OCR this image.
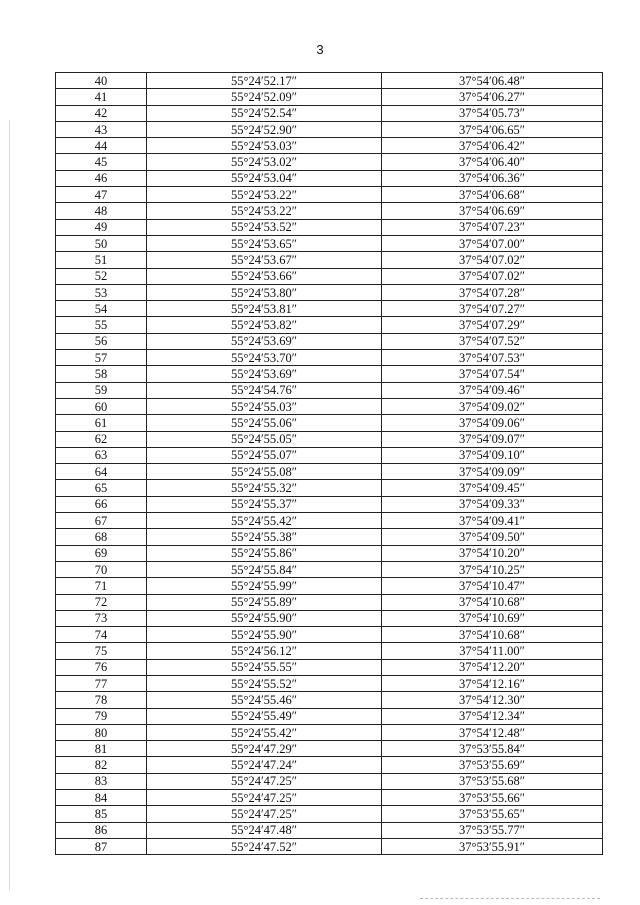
3
40	55°24′52.17″	37°54′06.48″
41	55°24′52.09″	37°54′06.27″
42	55°24′52.54″	37°54′05.73″
43	55°24′52.90″	37°54′06.65″
44	55°24′53.03″	37°54′06.42″
45	55°24′53.02″	37°54′06.40″
46	55°24′53.04″	37°54′06.36″
47	55°24′53.22″	37°54′06.68″
48	55°24′53.22″	37°54′06.69″
49	55°24′53.52″	37°54′07.23″
50	55°24′53.65″	37°54′07.00″
51	55°24′53.67″	37°54′07.02″
52	55°24′53.66″	37°54′07.02″
53	55°24′53.80″	37°54′07.28″
54	55°24′53.81″	37°54′07.27″
55	55°24′53.82″	37°54′07.29″
56	55°24′53.69″	37°54′07.52″
57	55°24′53.70″	37°54′07.53″
58	55°24′53.69″	37°54′07.54″
59	55°24′54.76″	37°54′09.46″
60	55°24′55.03″	37°54′09.02″
61	55°24′55.06″	37°54′09.06″
62	55°24′55.05″	37°54′09.07″
63	55°24′55.07″	37°54′09.10″
64	55°24′55.08″	37°54′09.09″
65	55°24′55.32″	37°54′09.45″
66	55°24′55.37″	37°54′09.33″
67	55°24′55.42″	37°54′09.41″
68	55°24′55.38″	37°54′09.50″
69	55°24′55.86″	37°54′10.20″
70	55°24′55.84″	37°54′10.25″
71	55°24′55.99″	37°54′10.47″
72	55°24′55.89″	37°54′10.68″
73	55°24′55.90″	37°54′10.69″
74	55°24′55.90″	37°54′10.68″
75	55°24′56.12″	37°54′11.00″
76	55°24′55.55″	37°54′12.20″
77	55°24′55.52″	37°54′12.16″
78	55°24′55.46″	37°54′12.30″
79	55°24′55.49″	37°54′12.34″
80	55°24′55.42″	37°54′12.48″
81	55°24′47.29″	37°53′55.84″
82	55°24′47.24″	37°53′55.69″
83	55°24′47.25″	37°53′55.68″
84	55°24′47.25″	37°53′55.66″
85	55°24′47.25″	37°53′55.65″
86	55°24′47.48″	37°53′55.77″
87	55°24′47.52″	37°53′55.91″
